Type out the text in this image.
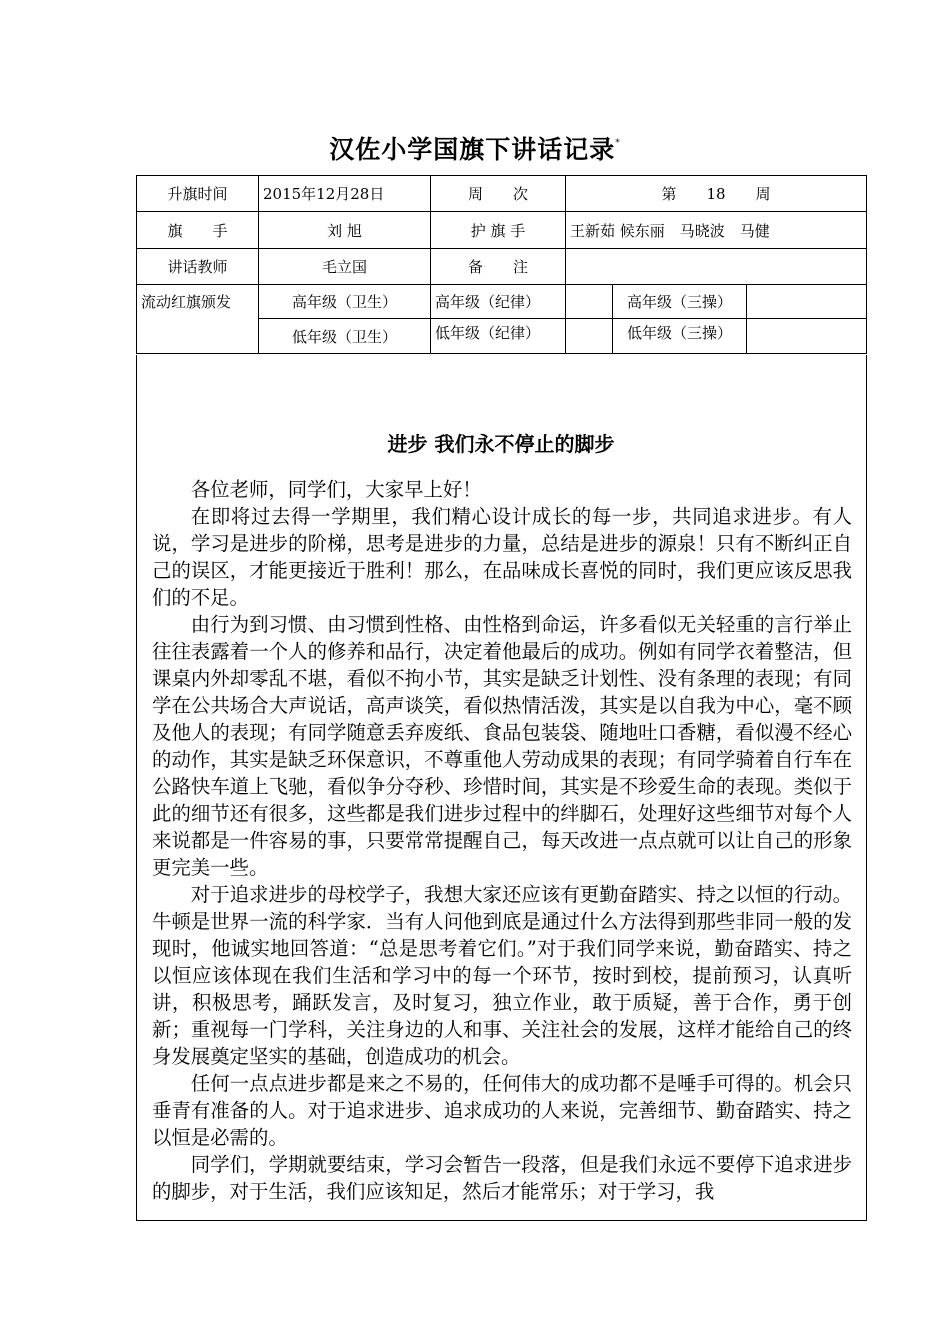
汉佐小学国旗下讲话记录*
升旗时间	2015年12月28日	周　　次	第　　18　　周		
旗　　手	刘 旭	护 旗 手	王新茹 候东丽　马晓波　马健		
讲话教师	毛立国	备　　注			
流动红旗颁发	高年级（卫生）	高年级（纪律）		高年级（三操）	
	低年级（卫生）	低年级（纪律）		低年级（三操）	
进步 我们永不停止的脚步

各位老师，同学们，大家早上好！

在即将过去得一学期里，我们精心设计成长的每一步，共同追求进步。有人说，学习是进步的阶梯，思考是进步的力量，总结是进步的源泉！只有不断纠正自己的误区，才能更接近于胜利！那么，在品味成长喜悦的同时，我们更应该反思我们的不足。

由行为到习惯、由习惯到性格、由性格到命运，许多看似无关轻重的言行举止往往表露着一个人的修养和品行，决定着他最后的成功。例如有同学衣着整洁，但课桌内外却零乱不堪，看似不拘小节，其实是缺乏计划性、没有条理的表现；有同学在公共场合大声说话，高声谈笑，看似热情活泼，其实是以自我为中心，毫不顾及他人的表现；有同学随意丢弃废纸、食品包装袋、随地吐口香糖，看似漫不经心的动作，其实是缺乏环保意识，不尊重他人劳动成果的表现；有同学骑着自行车在公路快车道上飞驰，看似争分夺秒、珍惜时间，其实是不珍爱生命的表现。类似于此的细节还有很多，这些都是我们进步过程中的绊脚石，处理好这些细节对每个人来说都是一件容易的事，只要常常提醒自己，每天改进一点点就可以让自己的形象更完美一些。

对于追求进步的母校学子，我想大家还应该有更勤奋踏实、持之以恒的行动。牛顿是世界一流的科学家．当有人问他到底是通过什么方法得到那些非同一般的发现时，他诚实地回答道：“总是思考着它们。”对于我们同学来说，勤奋踏实、持之以恒应该体现在我们生活和学习中的每一个环节，按时到校，提前预习，认真听讲，积极思考，踊跃发言，及时复习，独立作业，敢于质疑，善于合作，勇于创新；重视每一门学科，关注身边的人和事、关注社会的发展，这样才能给自己的终身发展奠定坚实的基础，创造成功的机会。

任何一点点进步都是来之不易的，任何伟大的成功都不是唾手可得的。机会只垂青有准备的人。对于追求进步、追求成功的人来说，完善细节、勤奋踏实、持之以恒是必需的。

同学们，学期就要结束，学习会暂告一段落，但是我们永远不要停下追求进步的脚步，对于生活，我们应该知足，然后才能常乐；对于学习，我
